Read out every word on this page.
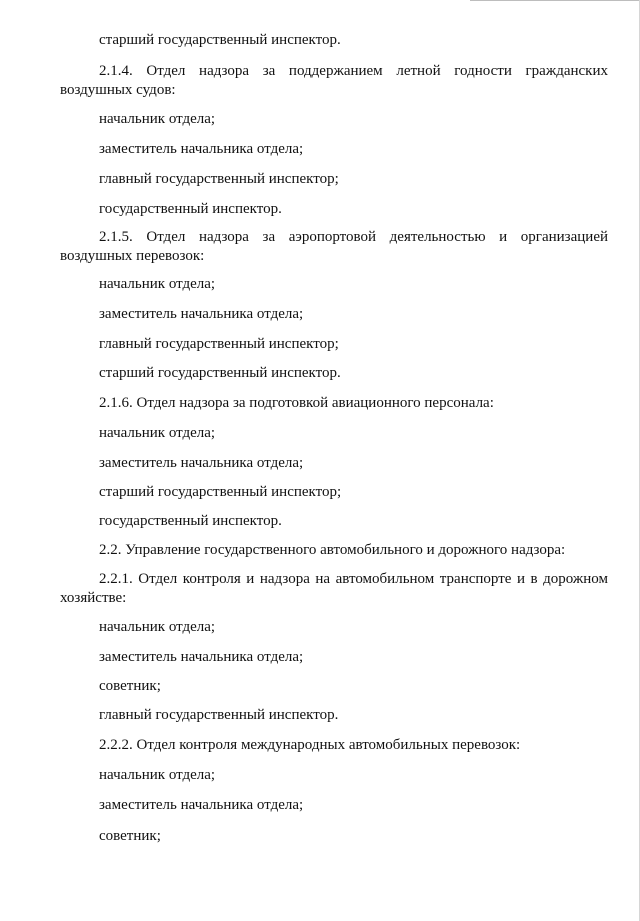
старший государственный инспектор.
2.1.4. Отдел надзора за поддержанием летной годности гражданских
воздушных судов:
начальник отдела;
заместитель начальника отдела;
главный государственный инспектор;
государственный инспектор.
2.1.5. Отдел надзора за аэропортовой деятельностью и организацией
воздушных перевозок:
начальник отдела;
заместитель начальника отдела;
главный государственный инспектор;
старший государственный инспектор.
2.1.6. Отдел надзора за подготовкой авиационного персонала:
начальник отдела;
заместитель начальника отдела;
старший государственный инспектор;
государственный инспектор.
2.2. Управление государственного автомобильного и дорожного надзора:
2.2.1. Отдел контроля и надзора на автомобильном транспорте и в дорожном
хозяйстве:
начальник отдела;
заместитель начальника отдела;
советник;
главный государственный инспектор.
2.2.2. Отдел контроля международных автомобильных перевозок:
начальник отдела;
заместитель начальника отдела;
советник;
